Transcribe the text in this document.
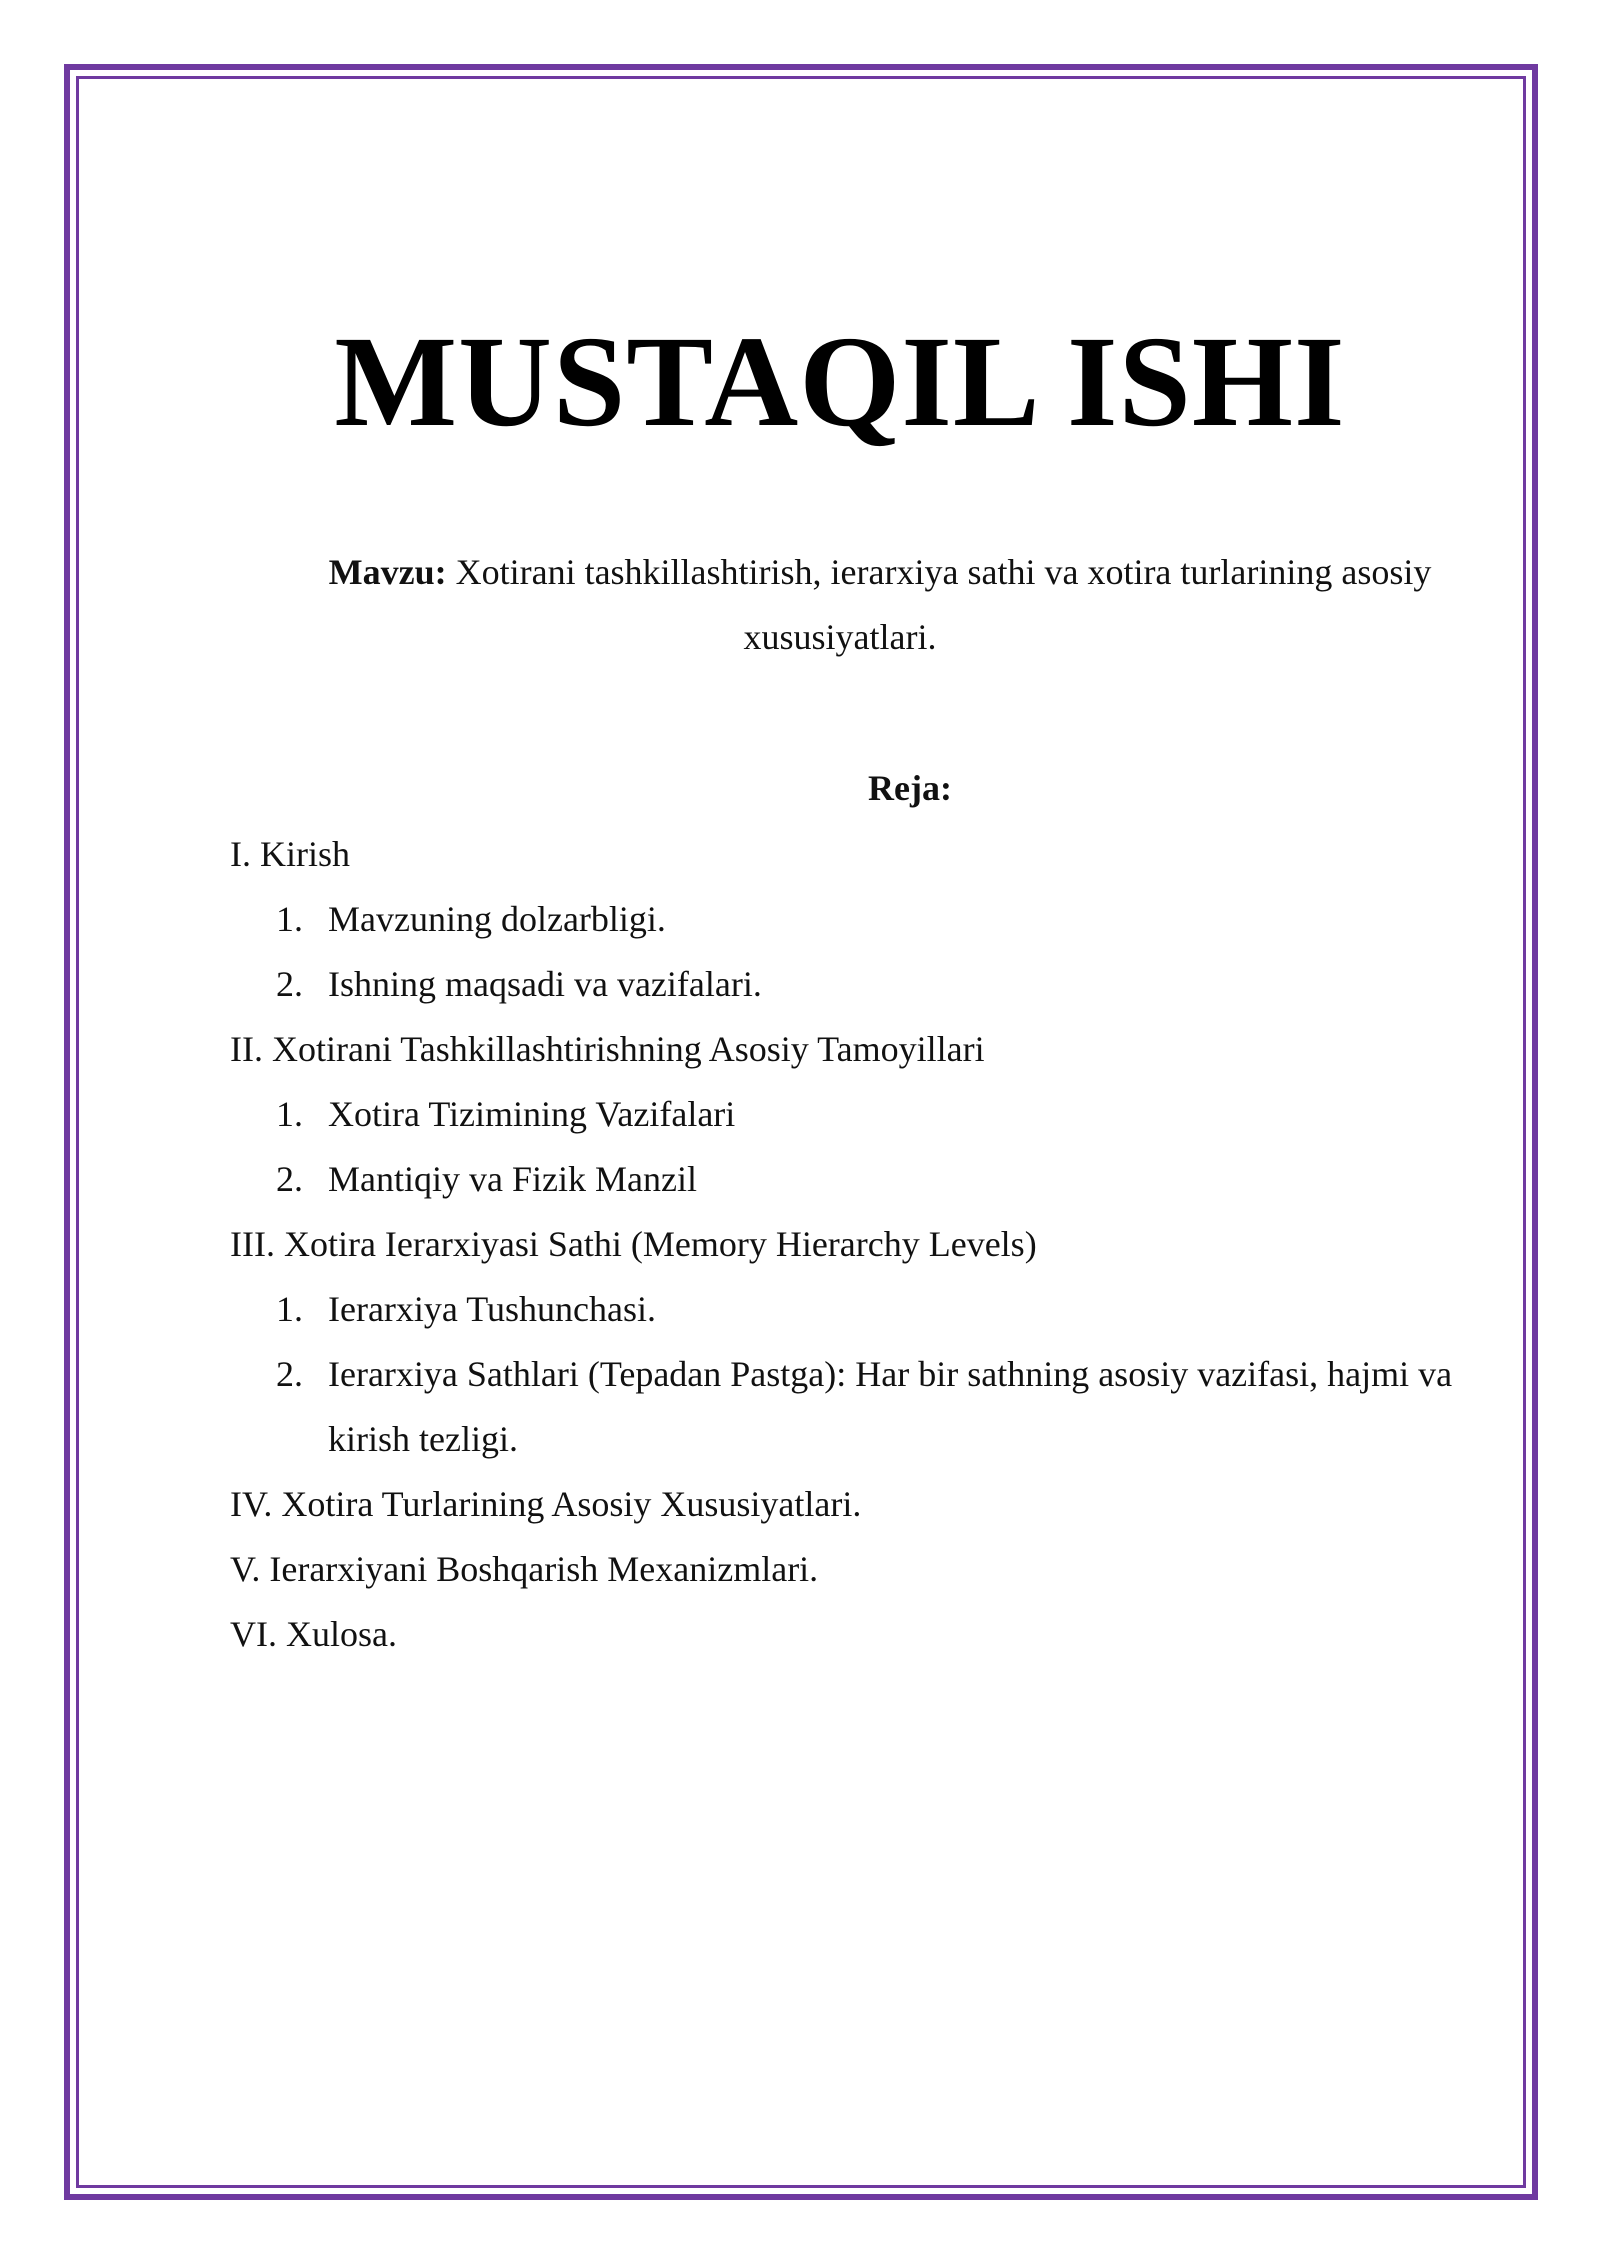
MUSTAQIL ISHI

Mavzu: Xotirani tashkillashtirish, ierarxiya sathi va xotira turlarining asosiy xususiyatlari.

Reja:

I. Kirish
1. Mavzuning dolzarbligi.
2. Ishning maqsadi va vazifalari.
II. Xotirani Tashkillashtirishning Asosiy Tamoyillari
1. Xotira Tizimining Vazifalari
2. Mantiqiy va Fizik Manzil
III. Xotira Ierarxiyasi Sathi (Memory Hierarchy Levels)
1. Ierarxiya Tushunchasi.
2. Ierarxiya Sathlari (Tepadan Pastga): Har bir sathning asosiy vazifasi, hajmi va kirish tezligi.
IV. Xotira Turlarining Asosiy Xususiyatlari.
V. Ierarxiyani Boshqarish Mexanizmlari.
VI. Xulosa.
